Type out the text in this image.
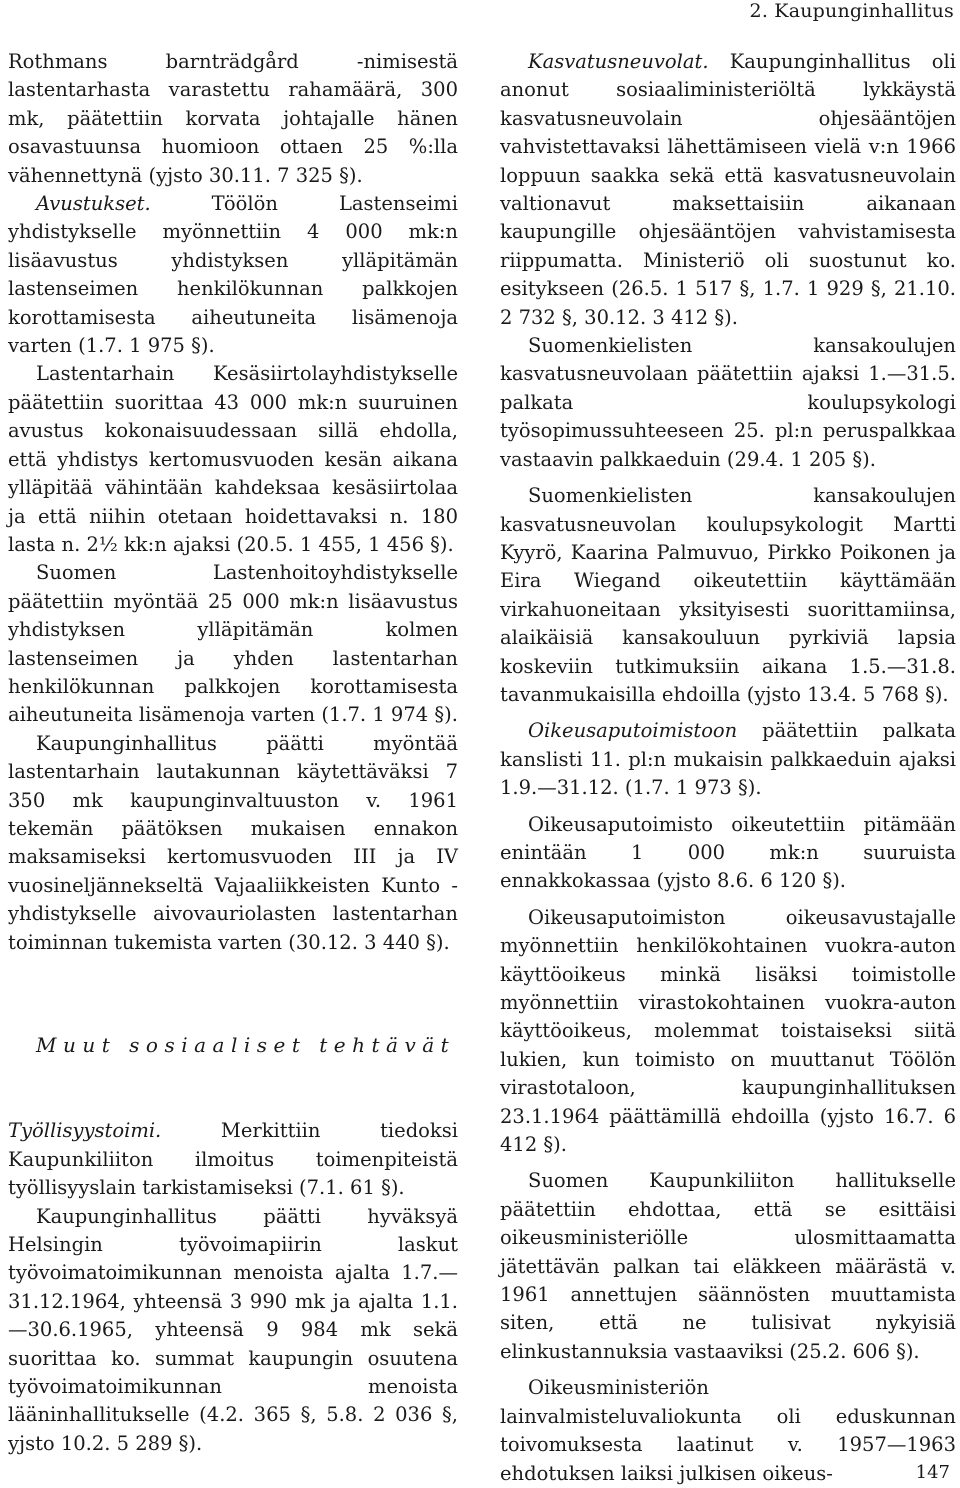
2. Kaupunginhallitus

Rothmans barnträdgård -nimisestä lastentarhasta varastettu rahamäärä, 300 mk, päätettiin korvata johtajalle hänen osavastuunsa huomioon ottaen 25 %:lla vähennettynä (yjsto 30.11. 7 325 §).

Avustukset. Töölön Lastenseimi yhdistykselle myönnettiin 4 000 mk:n lisäavustus yhdistyksen ylläpitämän lastenseimen henkilökunnan palkkojen korottamisesta aiheutuneita lisämenoja varten (1.7. 1 975 §).

Lastentarhain Kesäsiirtolayhdistykselle päätettiin suorittaa 43 000 mk:n suuruinen avustus kokonaisuudessaan sillä ehdolla, että yhdistys kertomusvuoden kesän aikana ylläpitää vähintään kahdeksaa kesäsiirtolaa ja että niihin otetaan hoidettavaksi n. 180 lasta n. 2½ kk:n ajaksi (20.5. 1 455, 1 456 §).

Suomen Lastenhoitoyhdistykselle päätettiin myöntää 25 000 mk:n lisäavustus yhdistyksen ylläpitämän kolmen lastenseimen ja yhden lastentarhan henkilökunnan palkkojen korottamisesta aiheutuneita lisämenoja varten (1.7. 1 974 §).

Kaupunginhallitus päätti myöntää lastentarhain lautakunnan käytettäväksi 7 350 mk kaupunginvaltuuston v. 1961 tekemän päätöksen mukaisen ennakon maksamiseksi kertomusvuoden III ja IV vuosineljännekseltä Vajaaliikkeisten Kunto -yhdistykselle aivovauriolasten lastentarhan toiminnan tukemista varten (30.12. 3 440 §).

Muut sosiaaliset tehtävät

Työllisyystoimi. Merkittiin tiedoksi Kaupunkiliiton ilmoitus toimenpiteistä työllisyyslain tarkistamiseksi (7.1. 61 §).

Kaupunginhallitus päätti hyväksyä Helsingin työvoimapiirin laskut työvoimatoimikunnan menoista ajalta 1.7.—31.12.1964, yhteensä 3 990 mk ja ajalta 1.1.—30.6.1965, yhteensä 9 984 mk sekä suorittaa ko. summat kaupungin osuutena työvoimatoimikunnan menoista lääninhallitukselle (4.2. 365 §, 5.8. 2 036 §, yjsto 10.2. 5 289 §).

Kasvatusneuvolat. Kaupunginhallitus oli anonut sosiaaliministeriöltä lykkäystä kasvatusneuvolain ohjesääntöjen vahvistettavaksi lähettämiseen vielä v:n 1966 loppuun saakka sekä että kasvatusneuvolain valtionavut maksettaisiin aikanaan kaupungille ohjesääntöjen vahvistamisesta riippumatta. Ministeriö oli suostunut ko. esitykseen (26.5. 1 517 §, 1.7. 1 929 §, 21.10. 2 732 §, 30.12. 3 412 §).

Suomenkielisten kansakoulujen kasvatusneuvolaan päätettiin ajaksi 1.—31.5. palkata koulupsykologi työsopimussuhteeseen 25. pl:n peruspalkkaa vastaavin palkkaeduin (29.4. 1 205 §).

Suomenkielisten kansakoulujen kasvatusneuvolan koulupsykologit Martti Kyyrö, Kaarina Palmuvuo, Pirkko Poikonen ja Eira Wiegand oikeutettiin käyttämään virkahuoneitaan yksityisesti suorittamiinsa, alaikäisiä kansakouluun pyrkiviä lapsia koskeviin tutkimuksiin aikana 1.5.—31.8. tavanmukaisilla ehdoilla (yjsto 13.4. 5 768 §).

Oikeusaputoimistoon päätettiin palkata kanslisti 11. pl:n mukaisin palkkaeduin ajaksi 1.9.—31.12. (1.7. 1 973 §).

Oikeusaputoimisto oikeutettiin pitämään enintään 1 000 mk:n suuruista ennakkokassaa (yjsto 8.6. 6 120 §).

Oikeusaputoimiston oikeusavustajalle myönnettiin henkilökohtainen vuokra-auton käyttöoikeus minkä lisäksi toimistolle myönnettiin virastokohtainen vuokra-auton käyttöoikeus, molemmat toistaiseksi siitä lukien, kun toimisto on muuttanut Töölön virastotaloon, kaupunginhallituksen 23.1.1964 päättämillä ehdoilla (yjsto 16.7. 6 412 §).

Suomen Kaupunkiliiton hallitukselle päätettiin ehdottaa, että se esittäisi oikeusministeriölle ulosmittaamatta jätettävän palkan tai eläkkeen määrästä v. 1961 annettujen säännösten muuttamista siten, että ne tulisivat nykyisiä elinkustannuksia vastaaviksi (25.2. 606 §).

Oikeusministeriön lainvalmisteluvaliokunta oli eduskunnan toivomuksesta laatinut v. 1957—1963 ehdotuksen laiksi julkisen oikeus-	147
